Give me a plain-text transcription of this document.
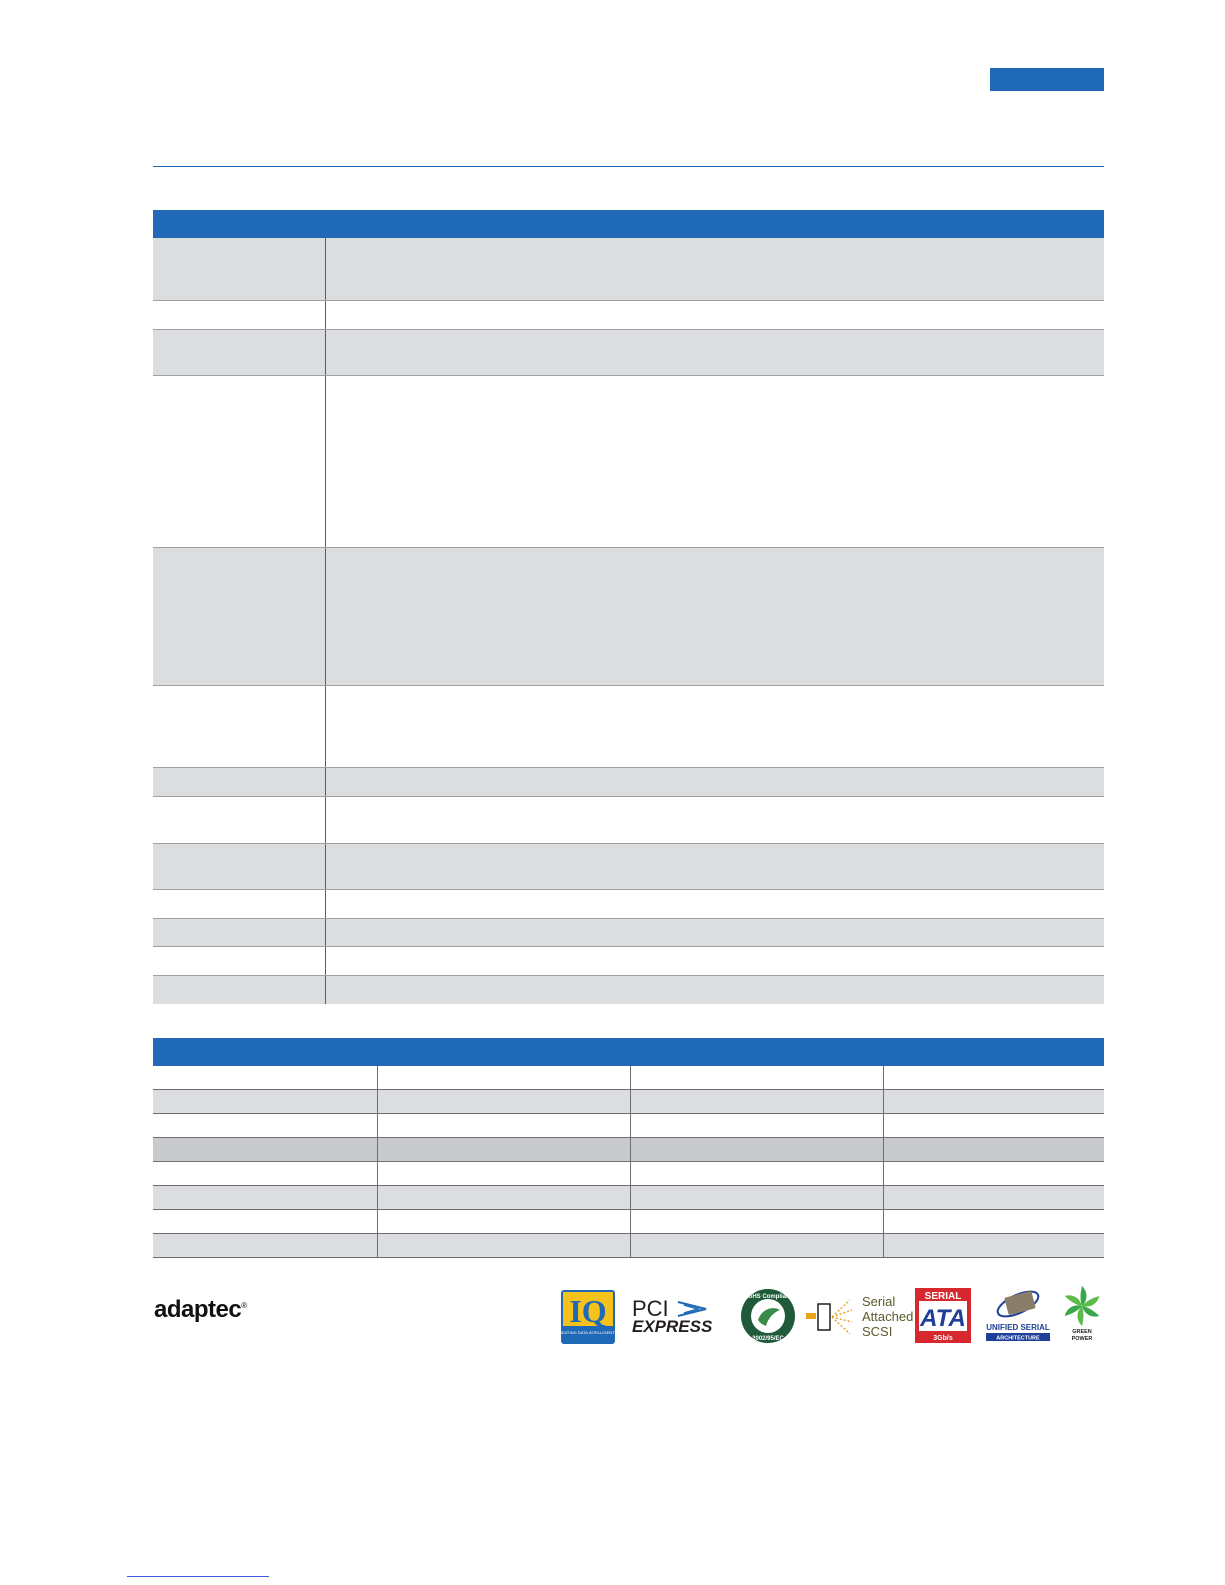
adaptec®	IQ
TREATING DATA INTELLIGENTLY
PCI
EXPRESS
RoHS Compliant
2002/95/EC
Serial
Attached
SCSI
SERIAL
ATA
3Gb/s
UNIFIED SERIAL
ARCHITECTURE
GREEN
POWER
